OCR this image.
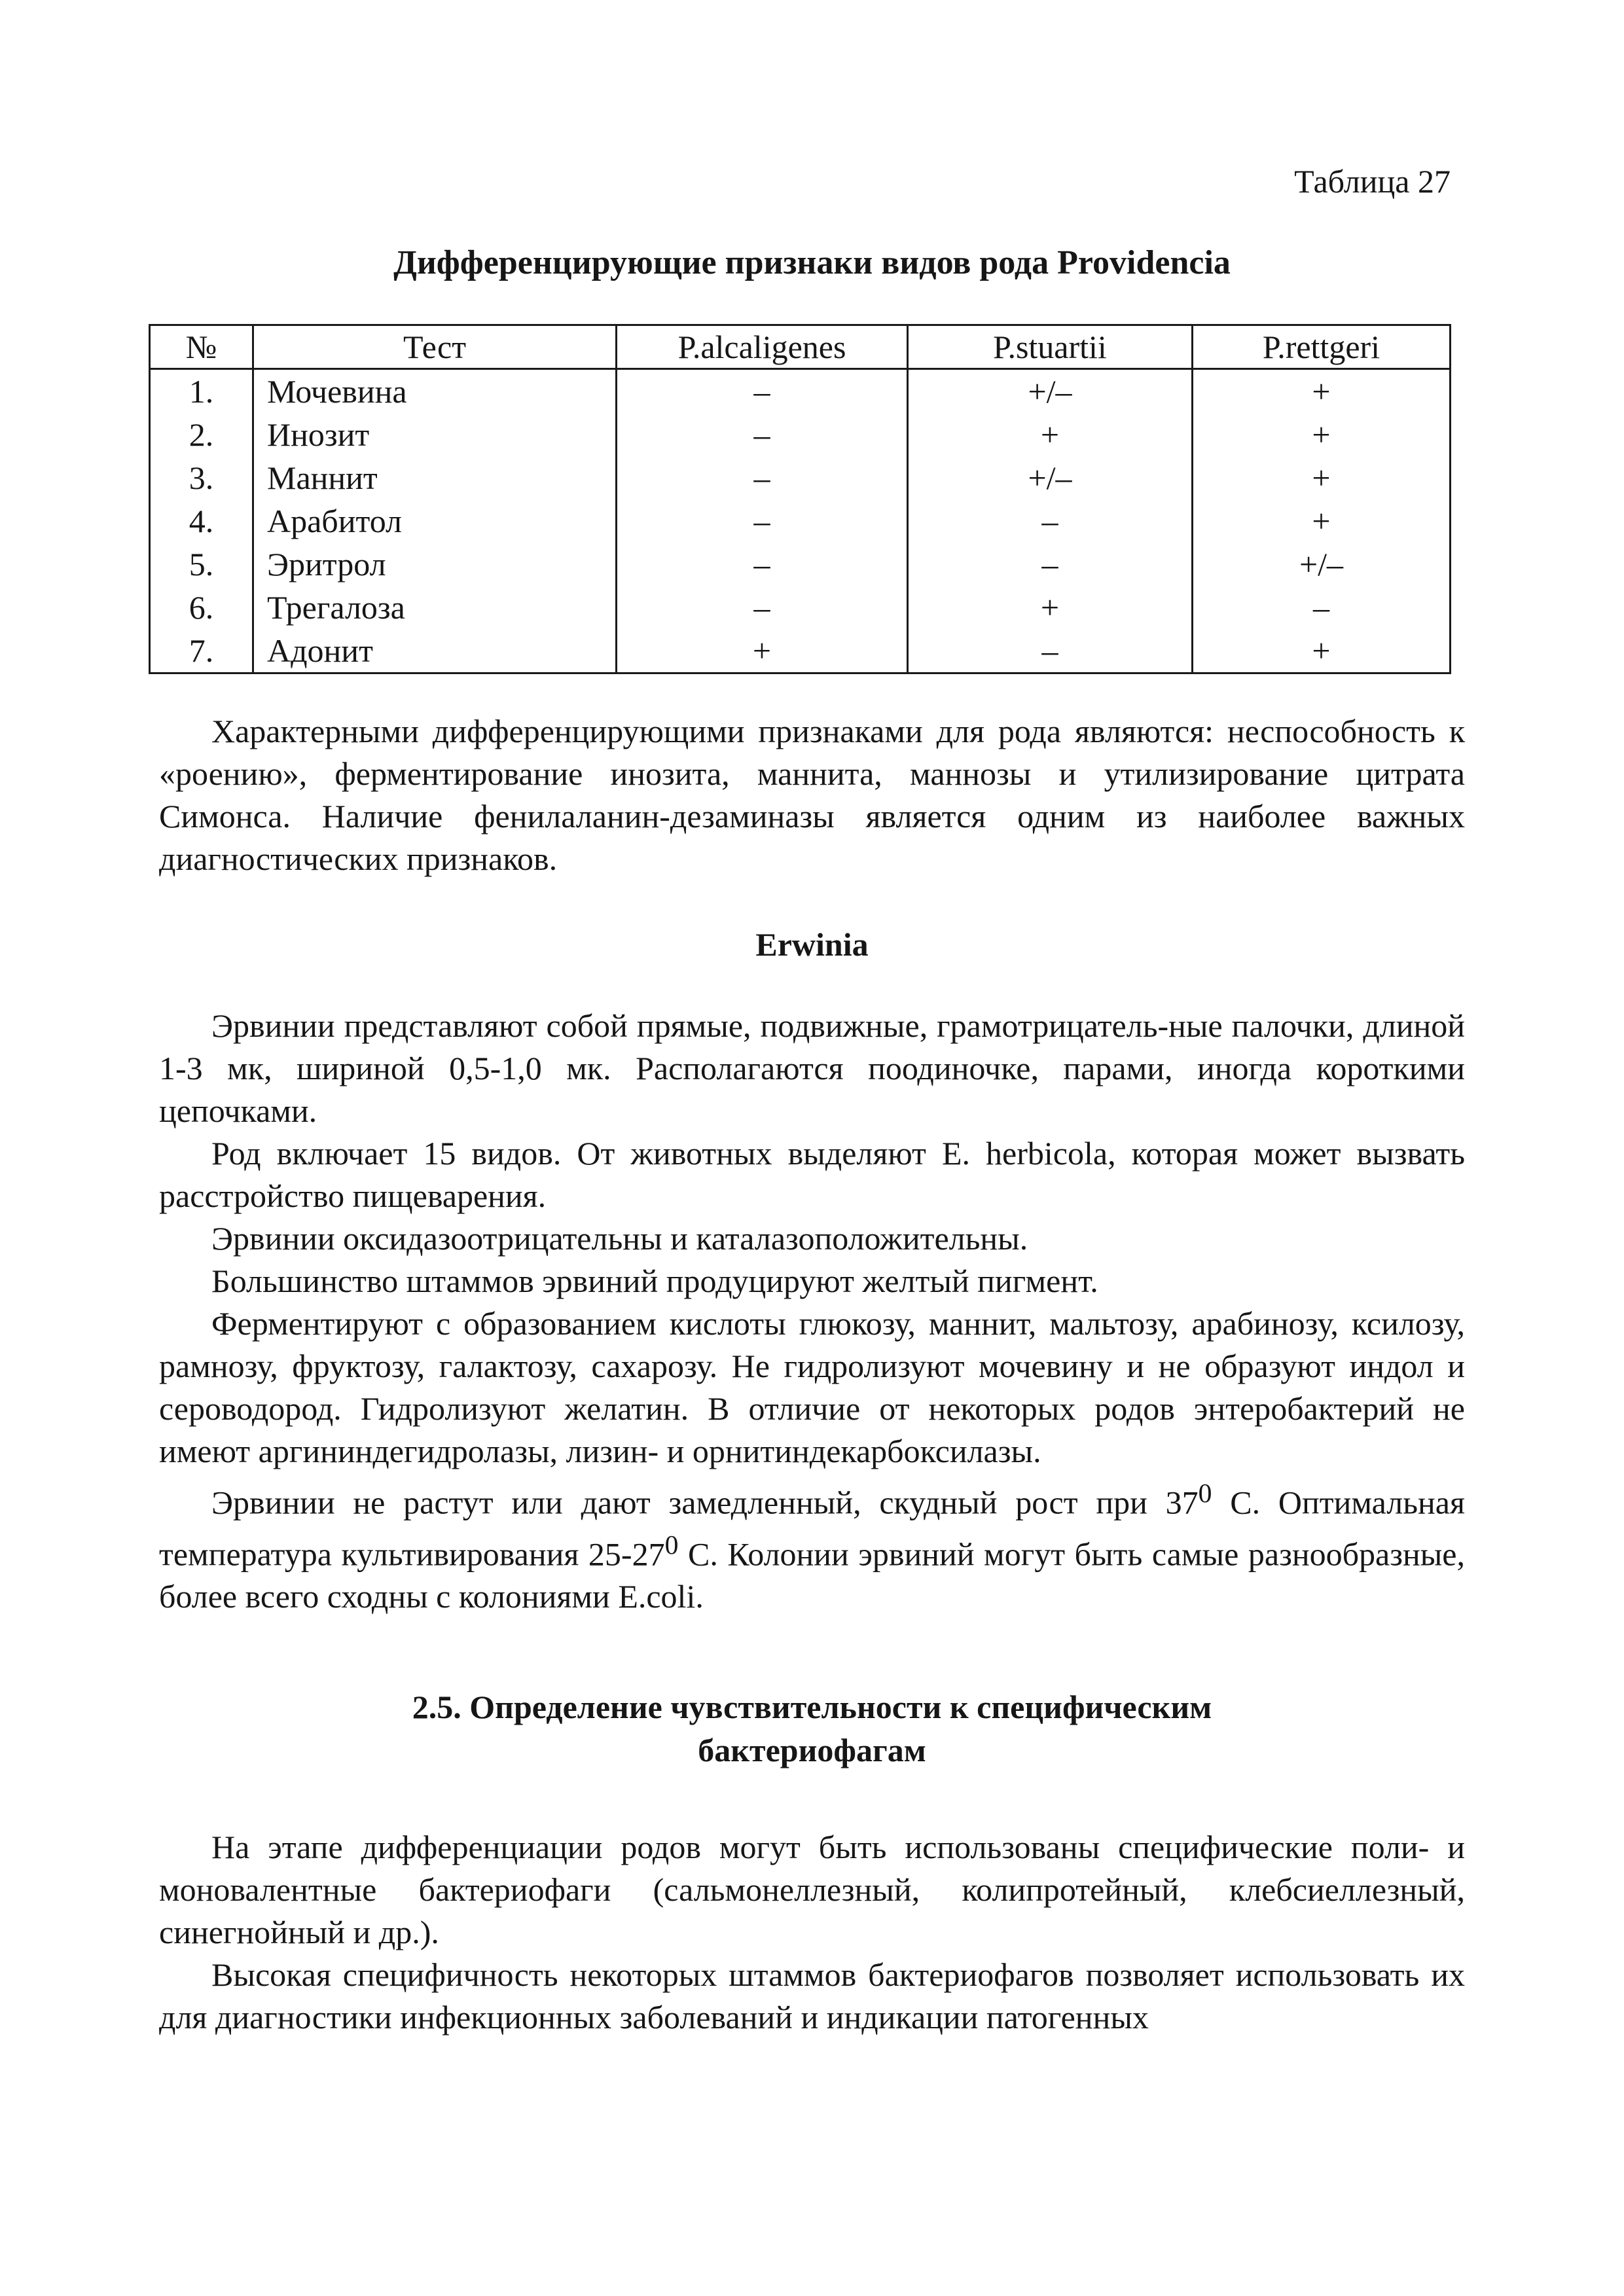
Таблица 27
Дифференцирующие признаки видов рода Providencia
№	Тест	P.alcaligenes	P.stuartii	P.rettgeri
1.	Мочевина	–	+/–	+
2.	Инозит	–	+	+
3.	Маннит	–	+/–	+
4.	Арабитол	–	–	+
5.	Эритрол	–	–	+/–
6.	Трегалоза	–	+	–
7.	Адонит	+	–	+

Характерными дифференцирующими признаками для рода являются: неспособность к «роению», ферментирование инозита, маннита, маннозы и утилизирование цитрата Симонса. Наличие фенилаланин-дезаминазы является одним из наиболее важных диагностических признаков.

Erwinia

Эрвинии представляют собой прямые, подвижные, грамотрицатель-ные палочки, длиной 1-3 мк, шириной 0,5-1,0 мк. Располагаются поодиночке, парами, иногда короткими цепочками.

Род включает 15 видов. От животных выделяют E. herbicola, которая может вызвать расстройство пищеварения.

Эрвинии оксидазоотрицательны и каталазоположительны.

Большинство штаммов эрвиний продуцируют желтый пигмент.

Ферментируют с образованием кислоты глюкозу, маннит, мальтозу, арабинозу, ксилозу, рамнозу, фруктозу, галактозу, сахарозу. Не гидролизуют мочевину и не образуют индол и сероводород. Гидролизуют желатин. В отличие от некоторых родов энтеробактерий не имеют аргининдегидролазы, лизин- и орнитиндекарбоксилазы.

Эрвинии не растут или дают замедленный, скудный рост при $37^0$ С. Оптимальная температура культивирования $25-27^0$ С. Колонии эрвиний могут быть самые разнообразные, более всего сходны с колониями E.coli.

2.5. Определение чувствительности к специфическим
бактериофагам

На этапе дифференциации родов могут быть использованы специфические поли- и моновалентные бактериофаги (сальмонеллезный, колипротейный, клебсиеллезный, синегнойный и др.).

Высокая специфичность некоторых штаммов бактериофагов позволяет использовать их для диагностики инфекционных заболеваний и индикации патогенных
